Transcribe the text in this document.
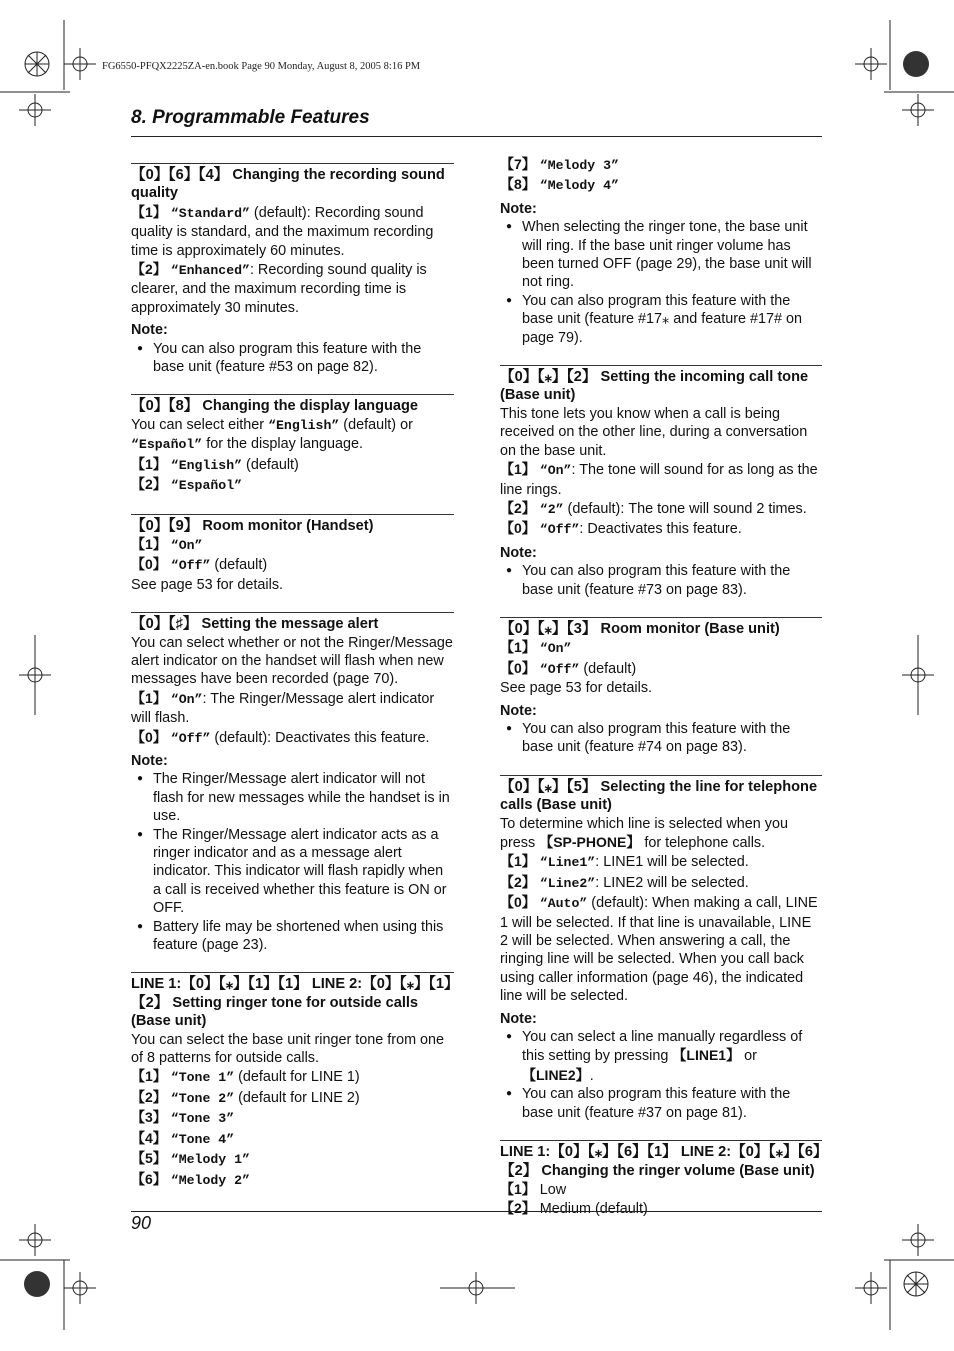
FG6550-PFQX2225ZA-en.book Page 90 Monday, August 8, 2005 8:16 PM
8. Programmable Features
【0】【6】【4】 Changing the recording sound quality

【1】 “Standard” (default): Recording sound quality is standard, and the maximum recording time is approximately 60 minutes.

【2】 “Enhanced”: Recording sound quality is clearer, and the maximum recording time is approximately 30 minutes.

Note:
● You can also program this feature with the base unit (feature #53 on page 82).
【0】【8】 Changing the display language

You can select either “English” (default) or “Español” for the display language.

【1】 “English” (default)

【2】 “Español”

【0】【9】 Room monitor (Handset)

【1】 “On”

【0】 “Off” (default)

See page 53 for details.

【0】【♯】 Setting the message alert

You can select whether or not the Ringer/Message alert indicator on the handset will flash when new messages have been recorded (page 70).

【1】 “On”: The Ringer/Message alert indicator will flash.

【0】 “Off” (default): Deactivates this feature.

Note:
● The Ringer/Message alert indicator will not flash for new messages while the handset is in use.
● The Ringer/Message alert indicator acts as a ringer indicator and as a message alert indicator. This indicator will flash rapidly when a call is received whether this feature is ON or OFF.
● Battery life may be shortened when using this feature (page 23).
LINE 1:【0】【⁎】【1】【1】 LINE 2:【0】【⁎】【1】【2】 Setting ringer tone for outside calls (Base unit)

You can select the base unit ringer tone from one of 8 patterns for outside calls.

【1】 “Tone 1” (default for LINE 1)

【2】 “Tone 2” (default for LINE 2)

【3】 “Tone 3”

【4】 “Tone 4”

【5】 “Melody 1”

【6】 “Melody 2”

【7】 “Melody 3”

【8】 “Melody 4”

Note:
● When selecting the ringer tone, the base unit will ring. If the base unit ringer volume has been turned OFF (page 29), the base unit will not ring.
● You can also program this feature with the base unit (feature #17⁎ and feature #17# on page 79).
【0】【⁎】【2】 Setting the incoming call tone (Base unit)

This tone lets you know when a call is being received on the other line, during a conversation on the base unit.

【1】 “On”: The tone will sound for as long as the line rings.

【2】 “2” (default): The tone will sound 2 times.

【0】 “Off”: Deactivates this feature.

Note:
● You can also program this feature with the base unit (feature #73 on page 83).
【0】【⁎】【3】 Room monitor (Base unit)

【1】 “On”

【0】 “Off” (default)

See page 53 for details.

Note:
● You can also program this feature with the base unit (feature #74 on page 83).
【0】【⁎】【5】 Selecting the line for telephone calls (Base unit)

To determine which line is selected when you press 【SP-PHONE】 for telephone calls.

【1】 “Line1”: LINE1 will be selected.

【2】 “Line2”: LINE2 will be selected.

【0】 “Auto” (default): When making a call, LINE 1 will be selected. If that line is unavailable, LINE 2 will be selected. When answering a call, the ringing line will be selected. When you call back using caller information (page 46), the indicated line will be selected.

Note:
● You can select a line manually regardless of this setting by pressing 【LINE1】 or 【LINE2】.
● You can also program this feature with the base unit (feature #37 on page 81).
LINE 1:【0】【⁎】【6】【1】 LINE 2:【0】【⁎】【6】【2】 Changing the ringer volume (Base unit)

【1】 Low

【2】 Medium (default)

90
